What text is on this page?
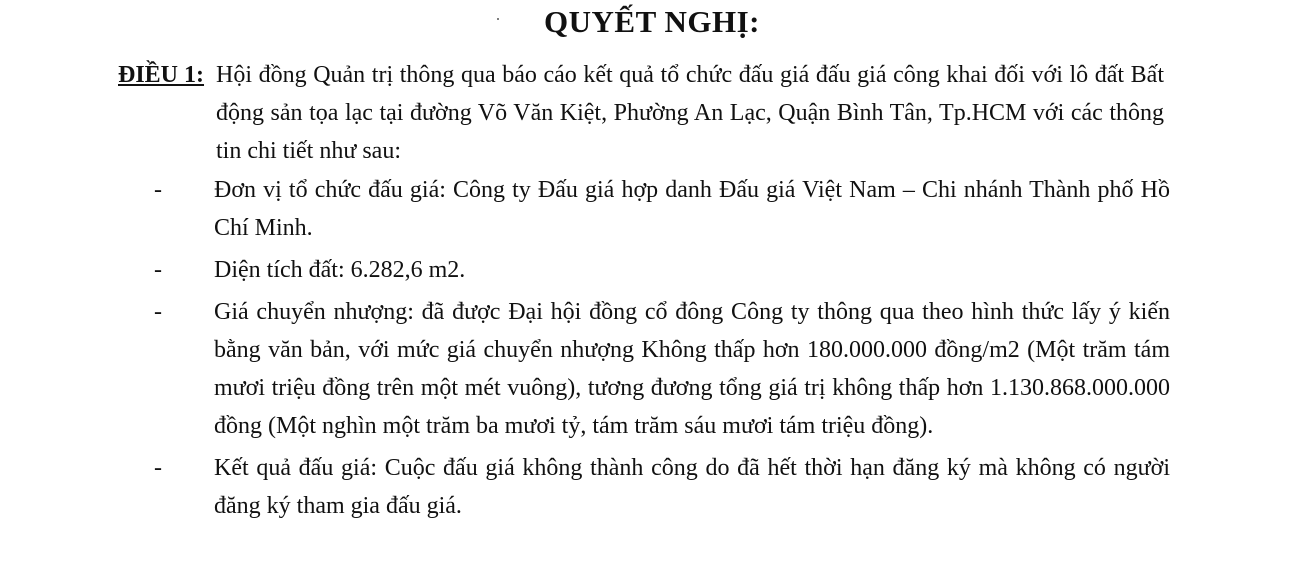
QUYẾT NGHỊ:
ĐIỀU 1: Hội đồng Quản trị thông qua báo cáo kết quả tổ chức đấu giá đấu giá công khai đối với lô đất Bất động sản tọa lạc tại đường Võ Văn Kiệt, Phường An Lạc, Quận Bình Tân, Tp.HCM với các thông tin chi tiết như sau:
- Đơn vị tổ chức đấu giá: Công ty Đấu giá hợp danh Đấu giá Việt Nam – Chi nhánh Thành phố Hồ Chí Minh.
- Diện tích đất: 6.282,6 m2.
- Giá chuyển nhượng: đã được Đại hội đồng cổ đông Công ty thông qua theo hình thức lấy ý kiến bằng văn bản, với mức giá chuyển nhượng Không thấp hơn 180.000.000 đồng/m2 (Một trăm tám mươi triệu đồng trên một mét vuông), tương đương tổng giá trị không thấp hơn 1.130.868.000.000 đồng (Một nghìn một trăm ba mươi tỷ, tám trăm sáu mươi tám triệu đồng).
- Kết quả đấu giá: Cuộc đấu giá không thành công do đã hết thời hạn đăng ký mà không có người đăng ký tham gia đấu giá.
